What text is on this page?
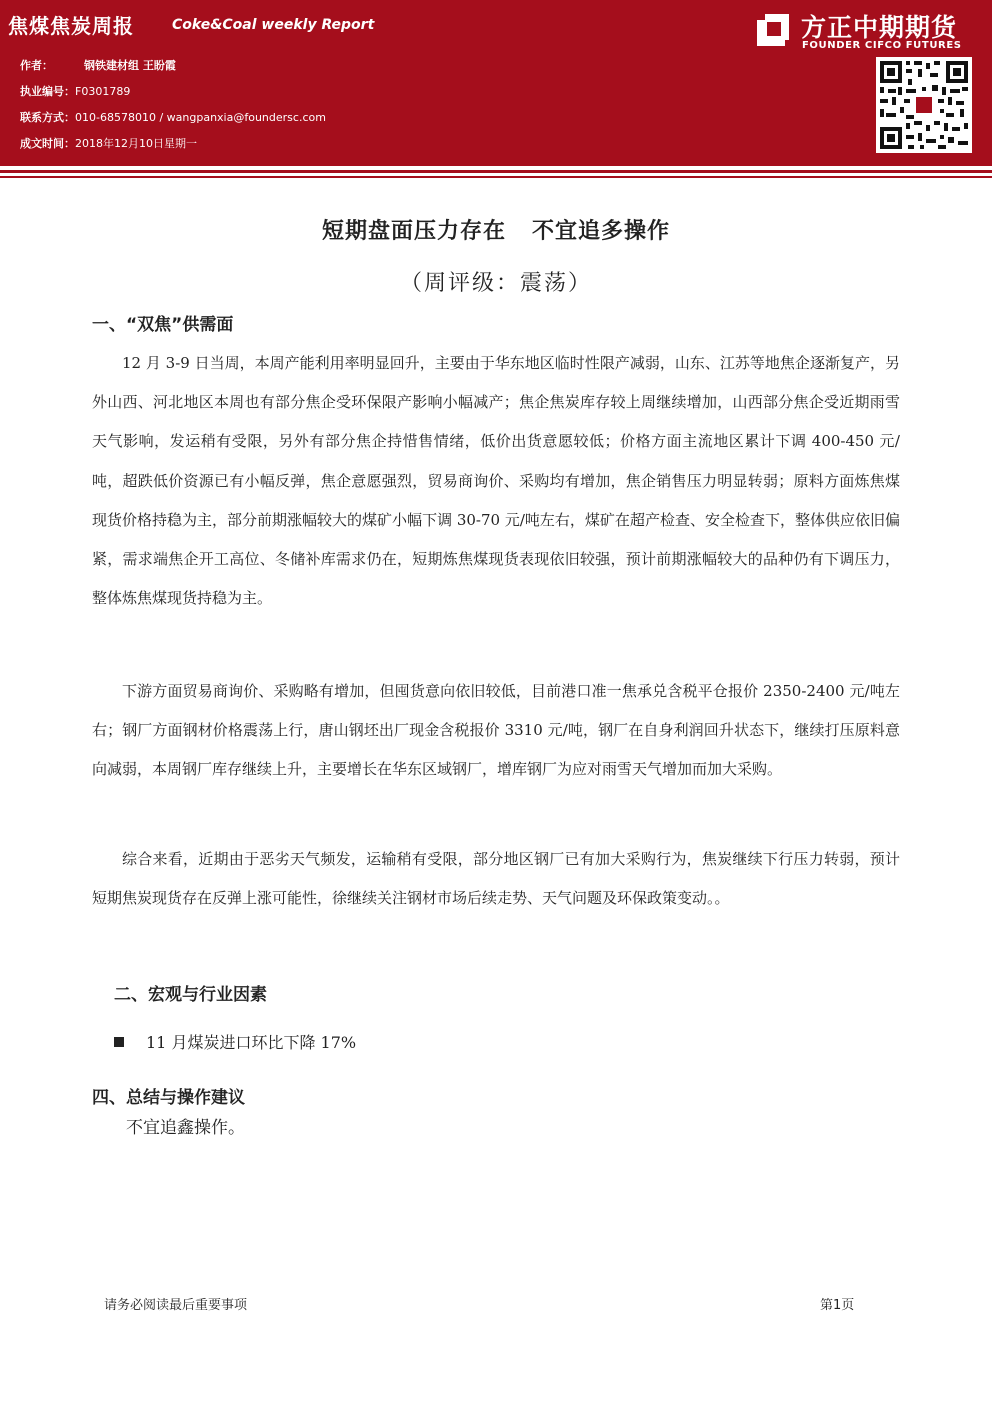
焦煤焦炭周报	Coke&Coal weekly Report
作者：	钢铁建材组 王盼霞
执业编号：F0301789
联系方式：010-68578010 / wangpanxia@foundersc.com
成文时间：2018年12月10日星期一
方正中期期货
FOUNDER CIFCO FUTURES
短期盘面压力存在   不宜追多操作
（周评级：震荡）
一、“双焦”供需面
12 月 3-9 日当周，本周产能利用率明显回升，主要由于华东地区临时性限产减弱，山东、江苏等地焦企逐渐复产，另外山西、河北地区本周也有部分焦企受环保限产影响小幅减产；焦企焦炭库存较上周继续增加，山西部分焦企受近期雨雪天气影响，发运稍有受限，另外有部分焦企持惜售情绪，低价出货意愿较低；价格方面主流地区累计下调 400-450 元/吨，超跌低价资源已有小幅反弹，焦企意愿强烈，贸易商询价、采购均有增加，焦企销售压力明显转弱；原料方面炼焦煤现货价格持稳为主，部分前期涨幅较大的煤矿小幅下调 30-70 元/吨左右，煤矿在超产检查、安全检查下，整体供应依旧偏紧，需求端焦企开工高位、冬储补库需求仍在，短期炼焦煤现货表现依旧较强，预计前期涨幅较大的品种仍有下调压力，整体炼焦煤现货持稳为主。
下游方面贸易商询价、采购略有增加，但囤货意向依旧较低，目前港口准一焦承兑含税平仓报价 2350-2400 元/吨左右；钢厂方面钢材价格震荡上行，唐山钢坯出厂现金含税报价 3310 元/吨，钢厂在自身利润回升状态下，继续打压原料意向减弱，本周钢厂库存继续上升，主要增长在华东区域钢厂，增库钢厂为应对雨雪天气增加而加大采购。
综合来看，近期由于恶劣天气频发，运输稍有受限，部分地区钢厂已有加大采购行为，焦炭继续下行压力转弱，预计短期焦炭现货存在反弹上涨可能性，徐继续关注钢材市场后续走势、天气问题及环保政策变动。。
二、宏观与行业因素
11 月煤炭进口环比下降 17%
四、总结与操作建议
不宜追鑫操作。
请务必阅读最后重要事项	第1页
